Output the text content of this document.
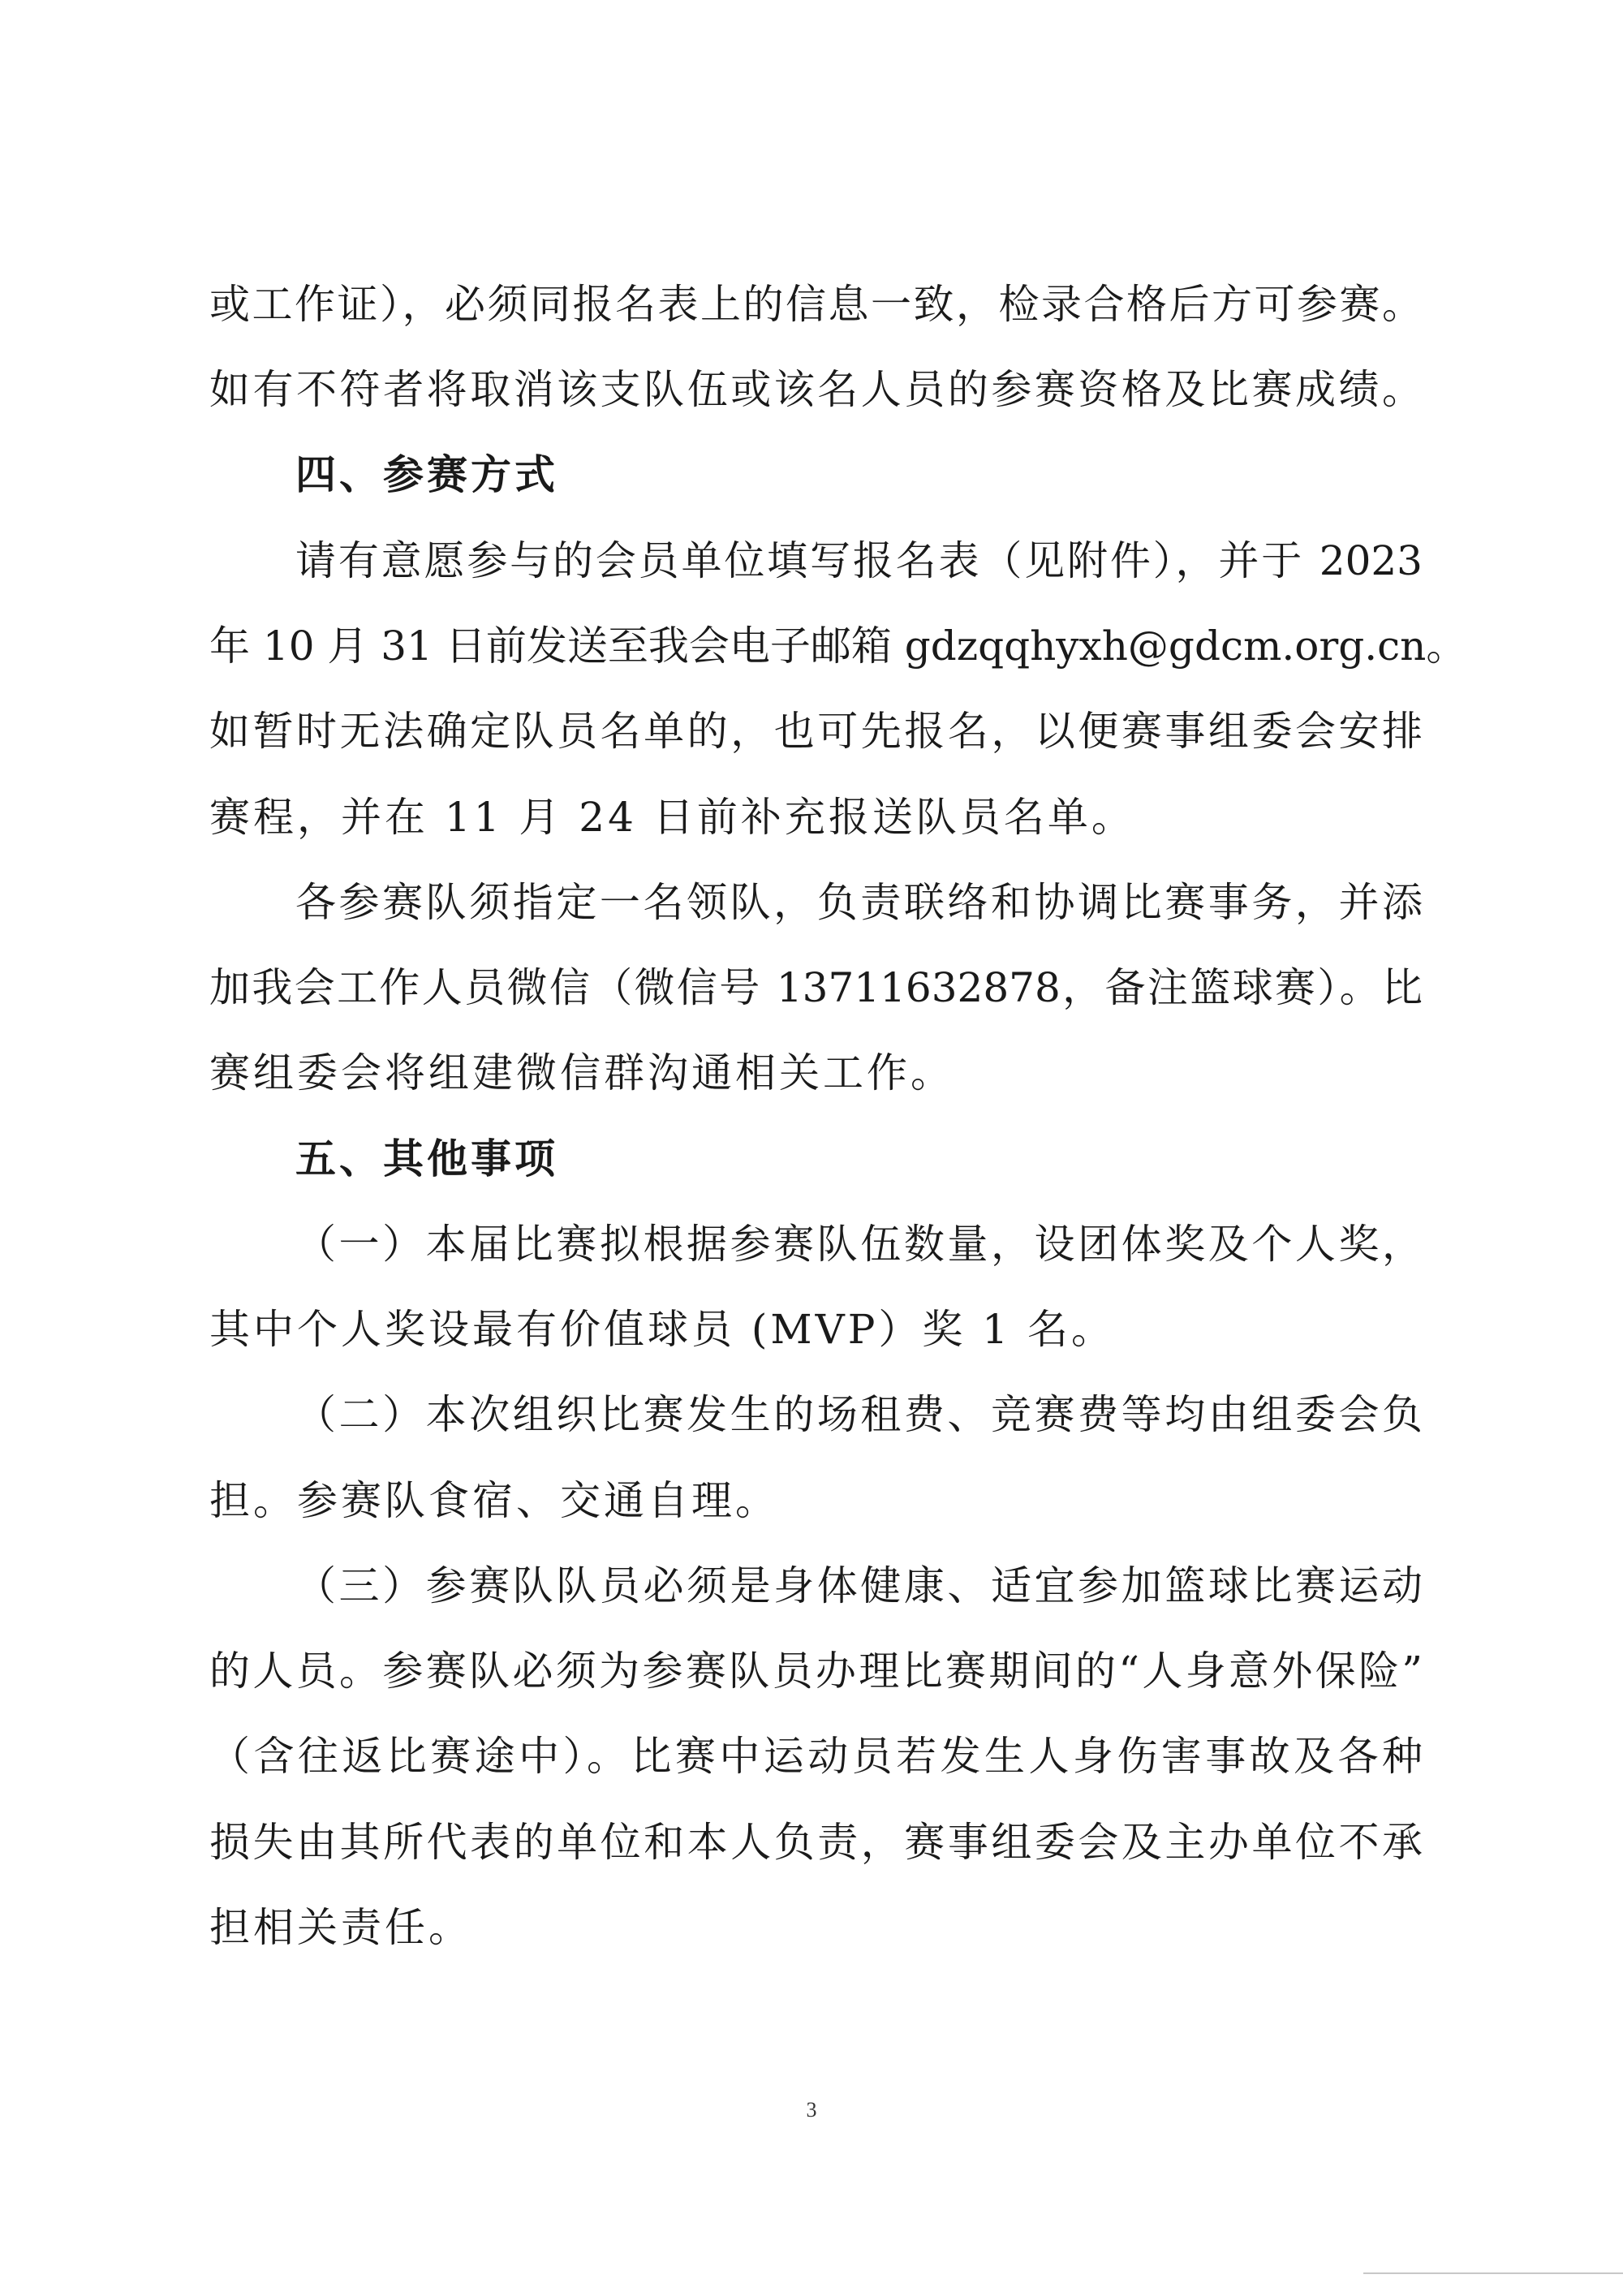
或工作证），必须同报名表上的信息一致，检录合格后方可参赛。
如有不符者将取消该支队伍或该名人员的参赛资格及比赛成绩。
四、参赛方式
请有意愿参与的会员单位填写报名表（见附件），并于 2023
年 10 月 31 日前发送至我会电子邮箱 gdzqqhyxh@gdcm.org.cn。
如暂时无法确定队员名单的，也可先报名，以便赛事组委会安排
赛程，并在 11 月 24 日前补充报送队员名单。
各参赛队须指定一名领队，负责联络和协调比赛事务，并添
加我会工作人员微信（微信号 13711632878，备注篮球赛）。比
赛组委会将组建微信群沟通相关工作。
五、其他事项
（一）本届比赛拟根据参赛队伍数量，设团体奖及个人奖，
其中个人奖设最有价值球员 (MVP）奖 1 名。
（二）本次组织比赛发生的场租费、竞赛费等均由组委会负
担。参赛队食宿、交通自理。
（三）参赛队队员必须是身体健康、适宜参加篮球比赛运动
的人员。参赛队必须为参赛队员办理比赛期间的“人身意外保险”
（含往返比赛途中）。比赛中运动员若发生人身伤害事故及各种
损失由其所代表的单位和本人负责，赛事组委会及主办单位不承
担相关责任。
3
